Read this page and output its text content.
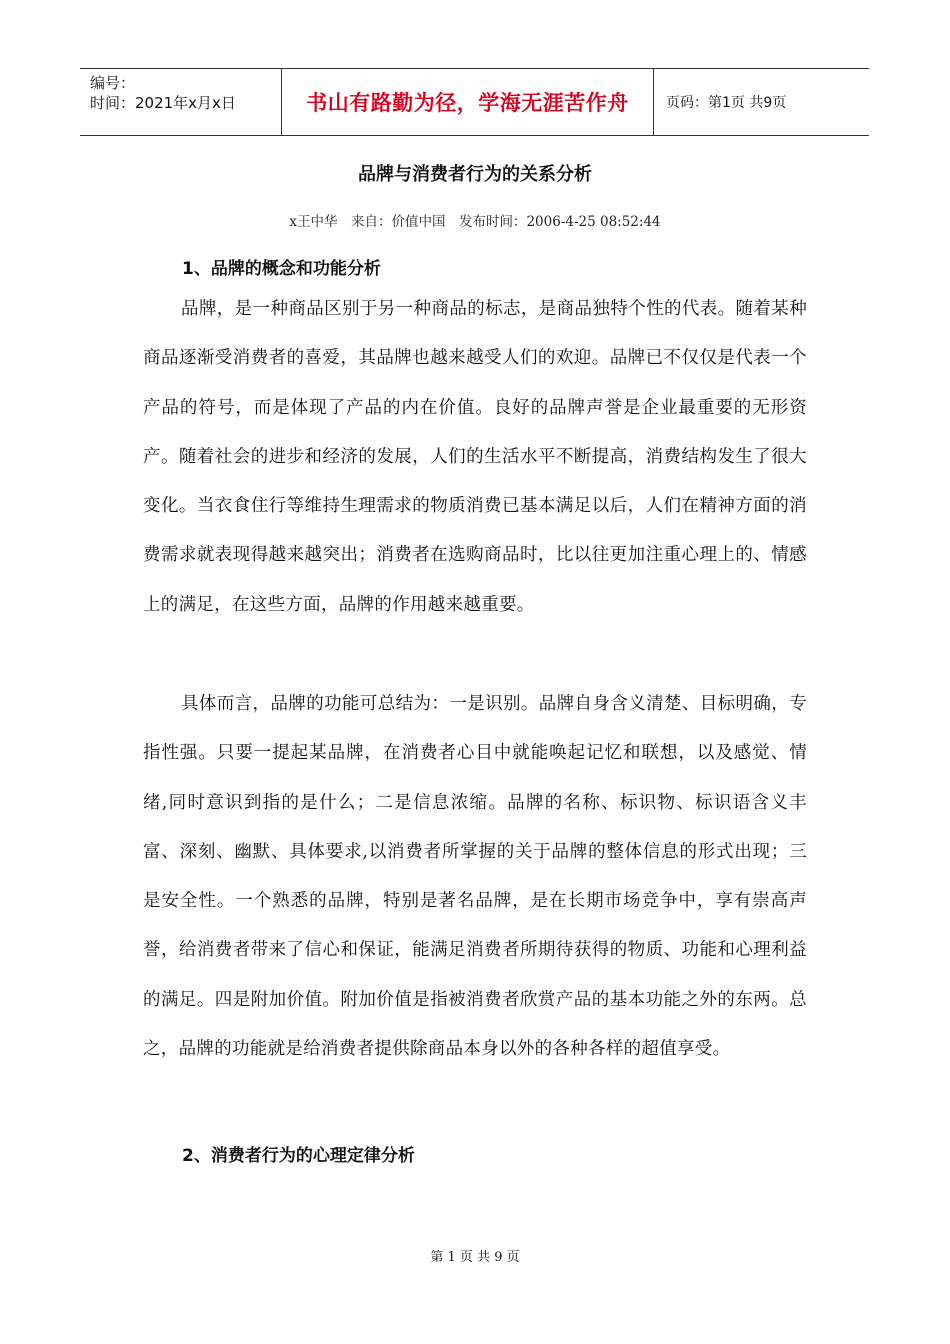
编号：
时间：2021年x月x日	书山有路勤为径，学海无涯苦作舟	页码：第1页 共9页
品牌与消费者行为的关系分析
x王中华　来自：价值中国　发布时间：2006-4-25 08:52:44
1、品牌的概念和功能分析

品牌，是一种商品区别于另一种商品的标志，是商品独特个性的代表。随着某种商品逐渐受消费者的喜爱，其品牌也越来越受人们的欢迎。品牌已不仅仅是代表一个产品的符号，而是体现了产品的内在价值。良好的品牌声誉是企业最重要的无形资产。随着社会的进步和经济的发展，人们的生活水平不断提高，消费结构发生了很大变化。当衣食住行等维持生理需求的物质消费已基本满足以后，人们在精神方面的消费需求就表现得越来越突出；消费者在选购商品时，比以往更加注重心理上的、情感上的满足，在这些方面，品牌的作用越来越重要。

具体而言，品牌的功能可总结为：一是识别。品牌自身含义清楚、目标明确，专指性强。只要一提起某品牌，在消费者心目中就能唤起记忆和联想，以及感觉、情绪,同时意识到指的是什么；二是信息浓缩。品牌的名称、标识物、标识语含义丰富、深刻、幽默、具体要求,以消费者所掌握的关于品牌的整体信息的形式出现；三是安全性。一个熟悉的品牌，特别是著名品牌，是在长期市场竞争中，享有崇高声誉，给消费者带来了信心和保证，能满足消费者所期待获得的物质、功能和心理利益的满足。四是附加价值。附加价值是指被消费者欣赏产品的基本功能之外的东两。总之，品牌的功能就是给消费者提供除商品本身以外的各种各样的超值享受。

2、消费者行为的心理定律分析
第 1 页 共 9 页
